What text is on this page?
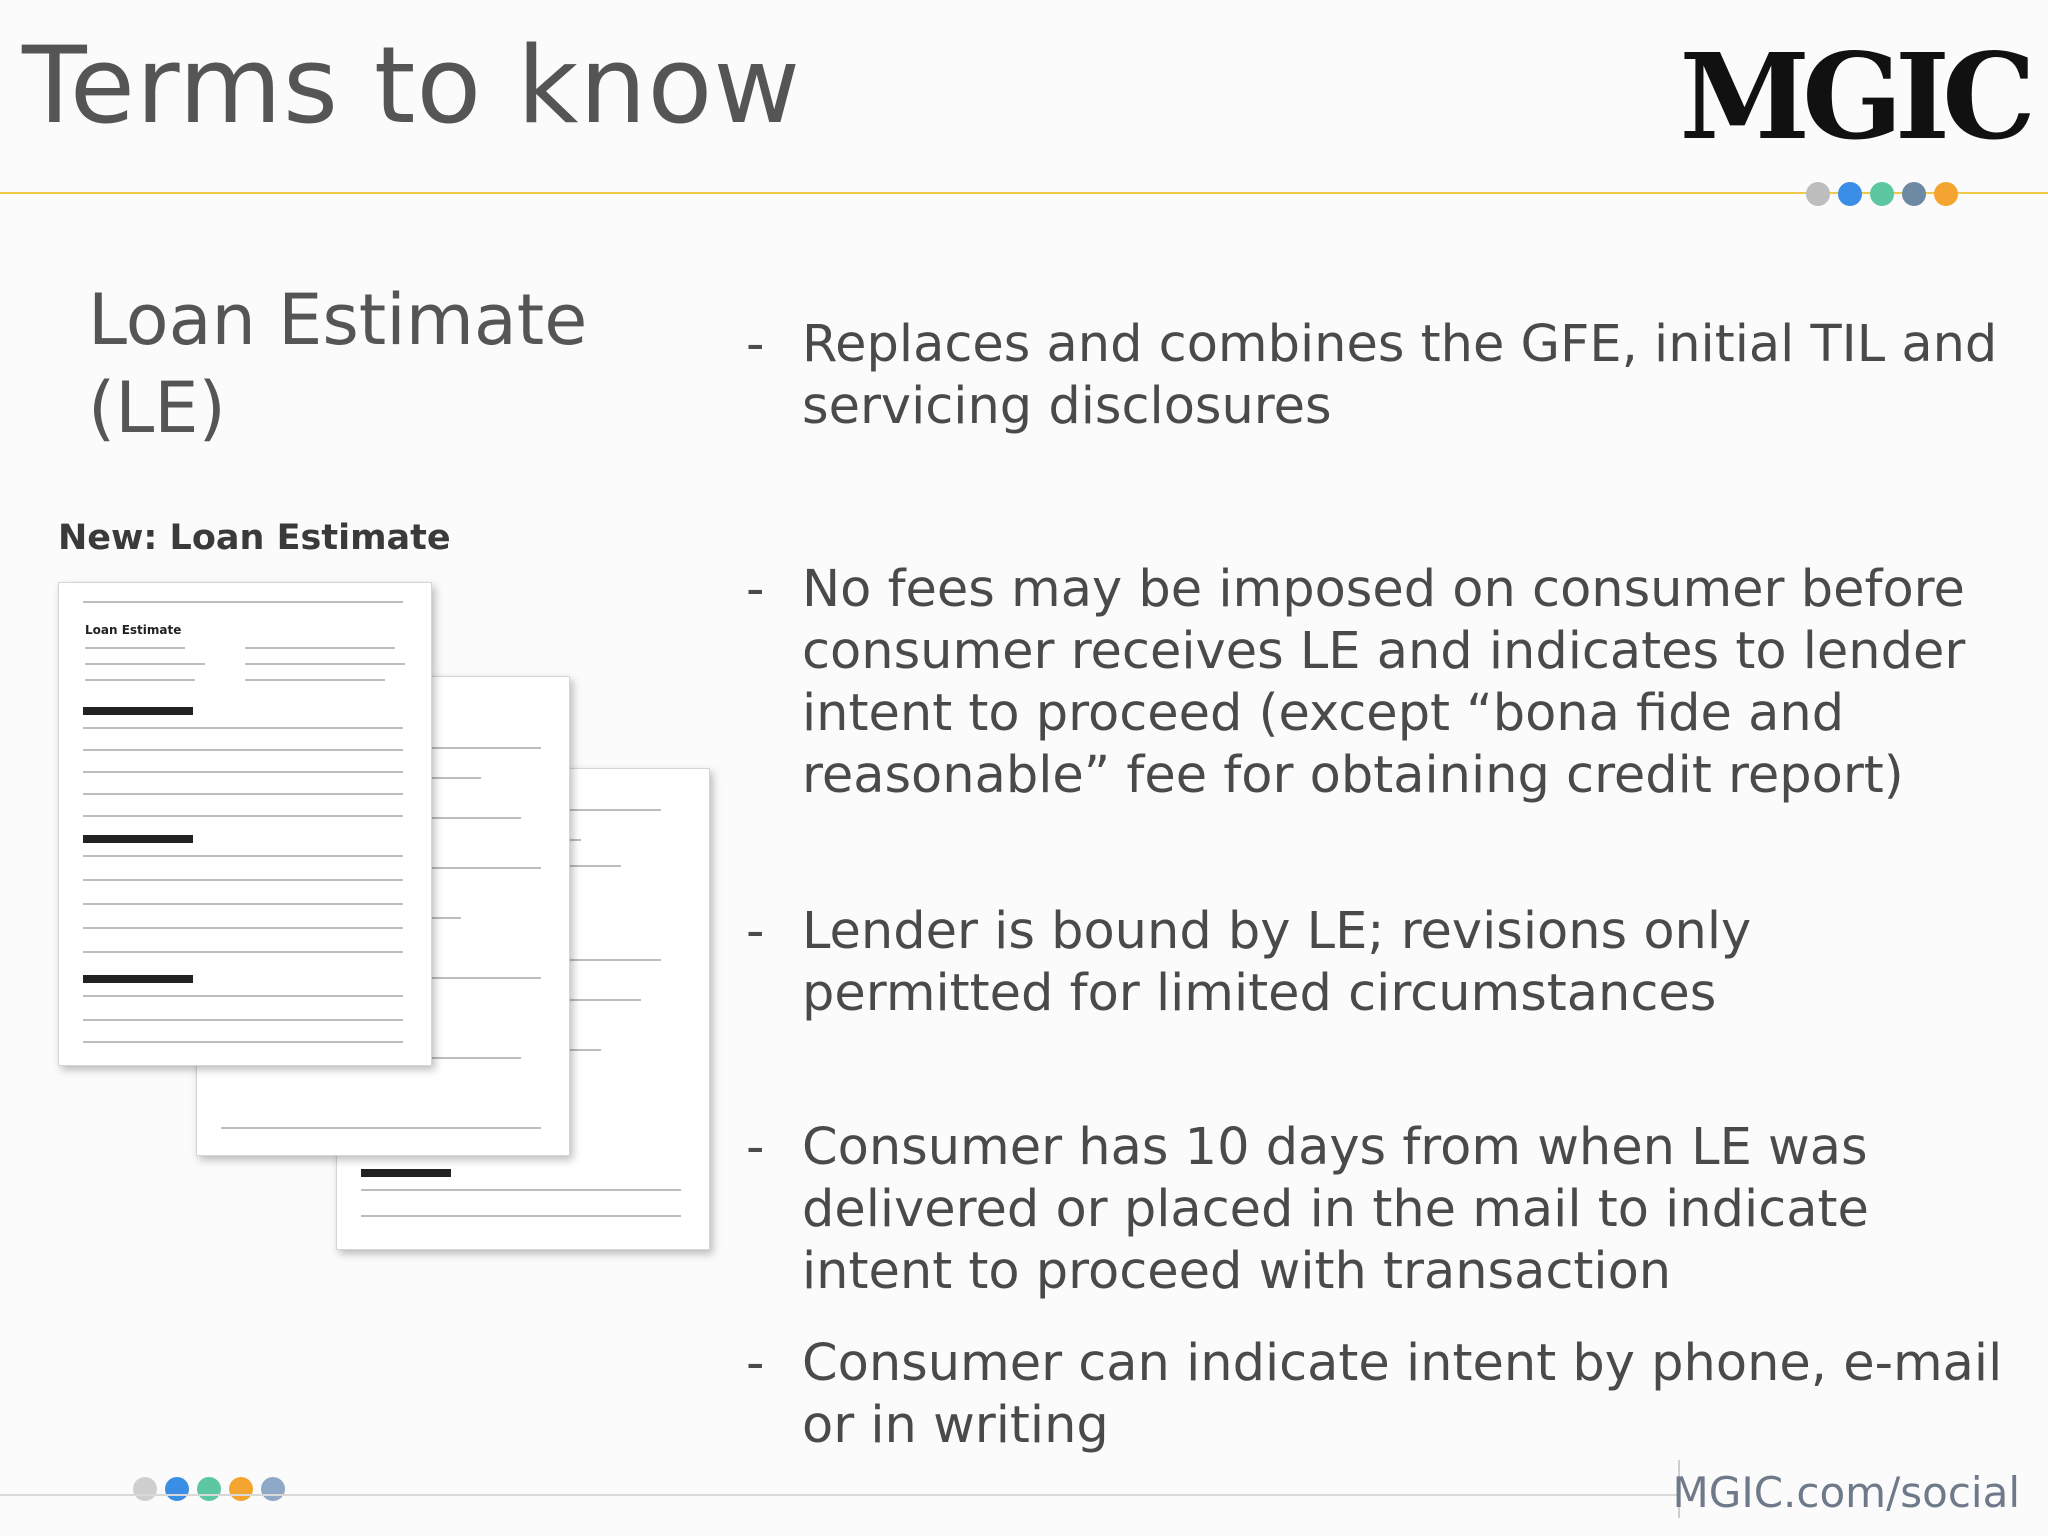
Terms to know	MGIC
Loan Estimate (LE)
New: Loan Estimate
Loan Estimate
- Replaces and combines the GFE, initial TIL and servicing disclosures
- No fees may be imposed on consumer before consumer receives LE and indicates to lender intent to proceed (except “bona fide and reasonable” fee for obtaining credit report)
- Lender is bound by LE; revisions only permitted for limited circumstances
- Consumer has 10 days from when LE was delivered or placed in the mail to indicate intent to proceed with transaction
- Consumer can indicate intent by phone, e-mail or in writing
MGIC.com/social
